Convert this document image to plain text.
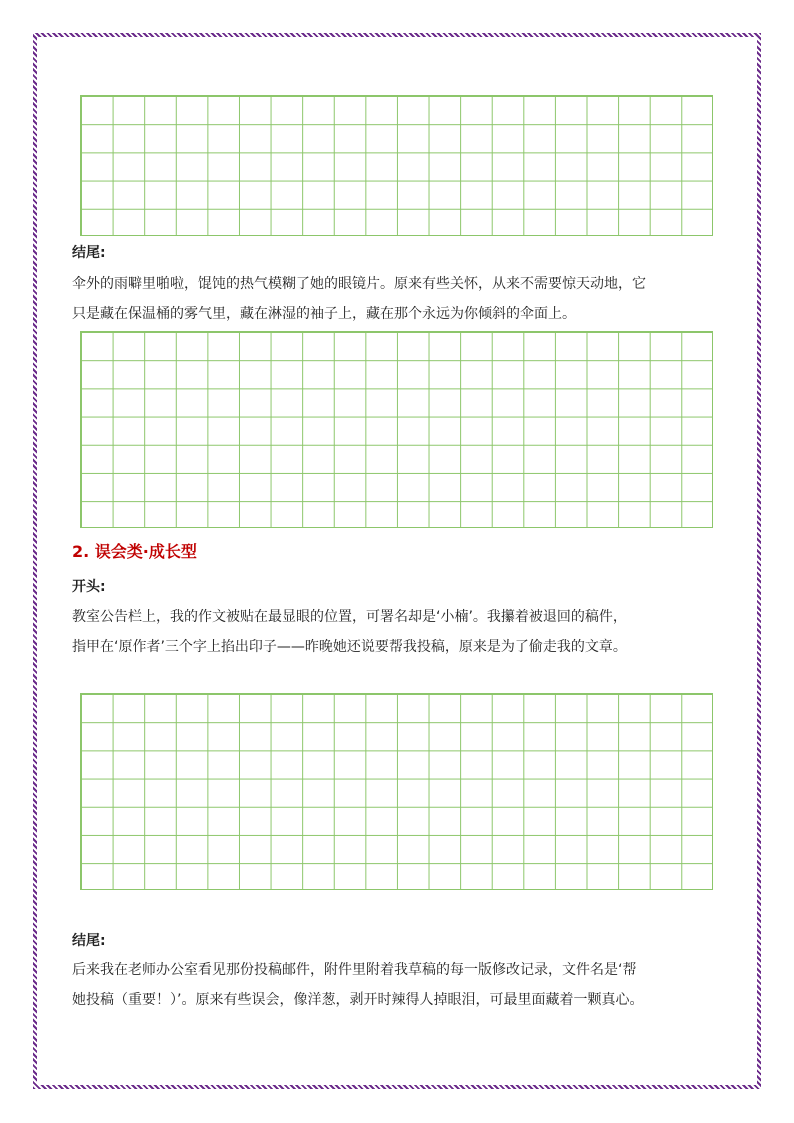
结尾:
伞外的雨噼里啪啦，馄饨的热气模糊了她的眼镜片。原来有些关怀，从来不需要惊天动地，它
只是藏在保温桶的雾气里，藏在淋湿的袖子上，藏在那个永远为你倾斜的伞面上。
2. 误会类·成长型
开头:
教室公告栏上，我的作文被贴在最显眼的位置，可署名却是‘小楠’。我攥着被退回的稿件，
指甲在‘原作者’三个字上掐出印子——昨晚她还说要帮我投稿，原来是为了偷走我的文章。
结尾:
后来我在老师办公室看见那份投稿邮件，附件里附着我草稿的每一版修改记录，文件名是‘帮
她投稿（重要！）’。原来有些误会，像洋葱，剥开时辣得人掉眼泪，可最里面藏着一颗真心。
